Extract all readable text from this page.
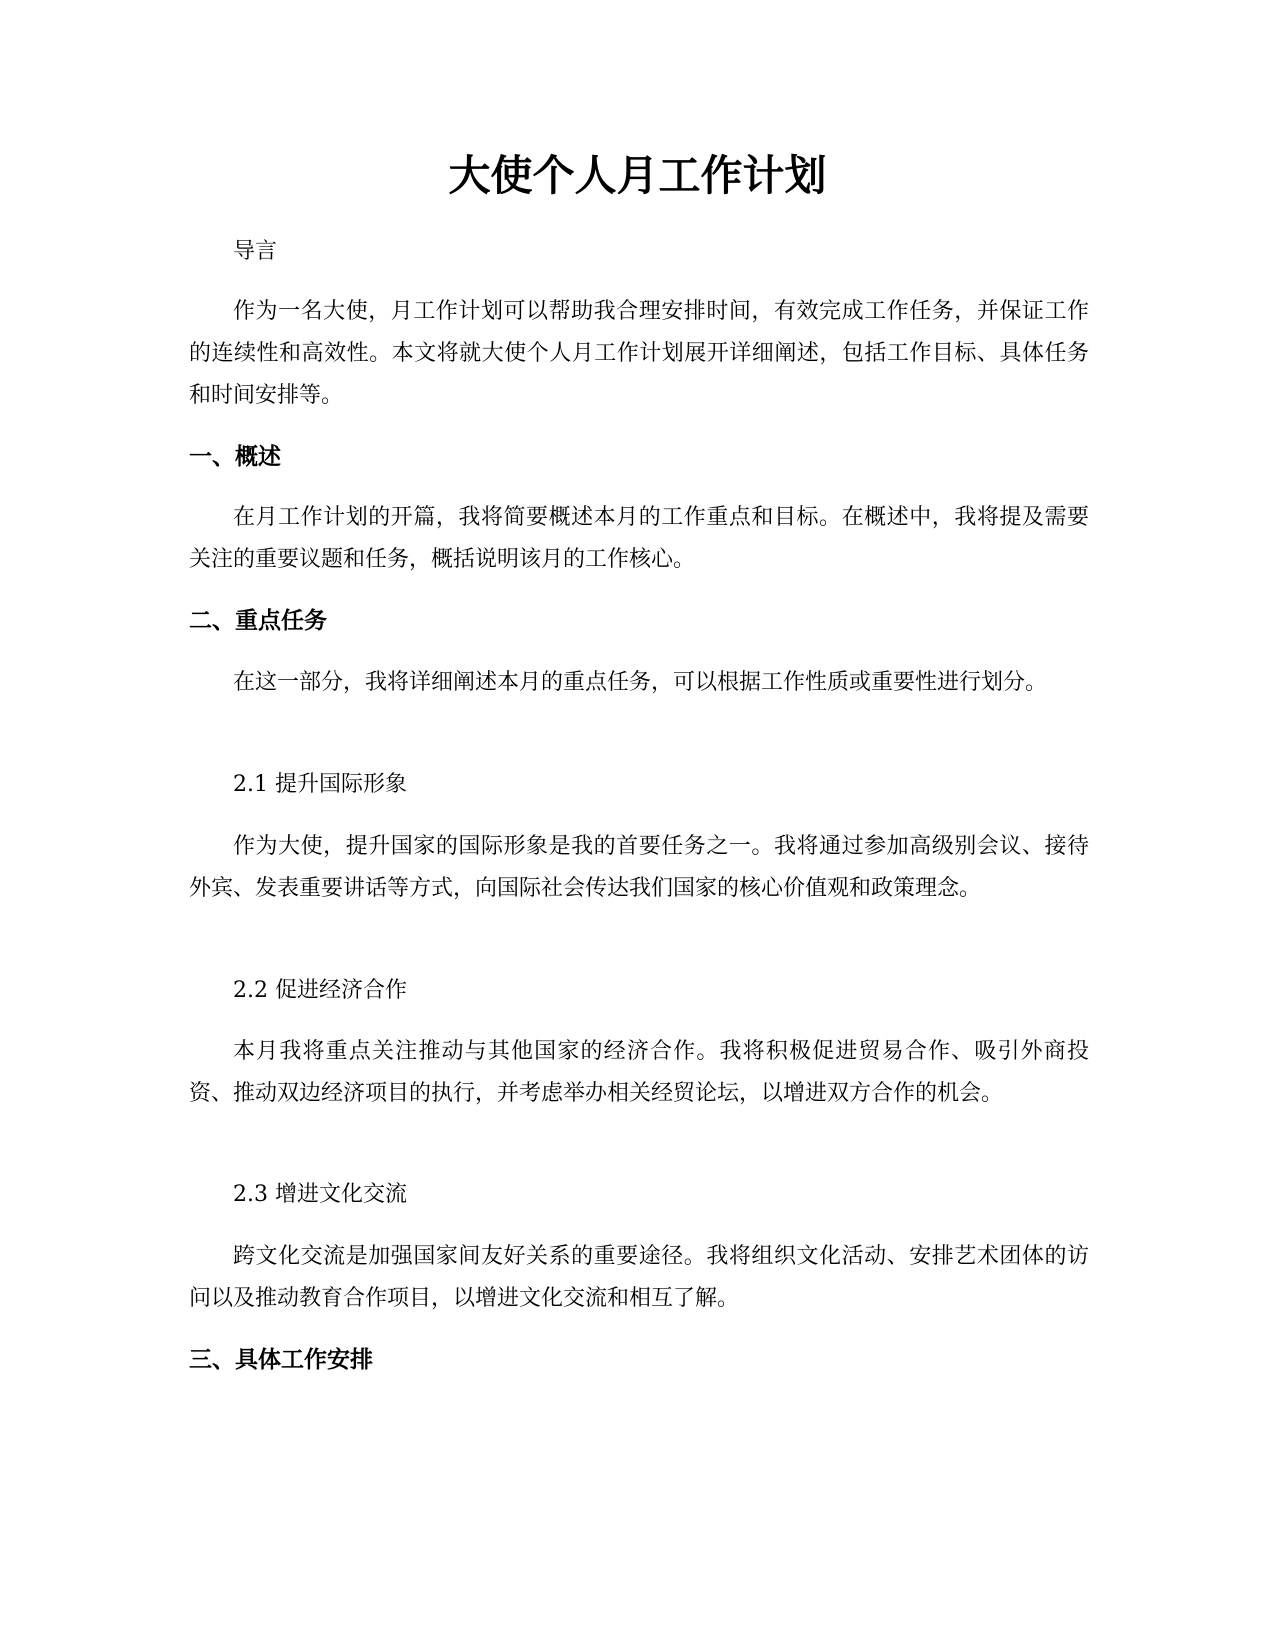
大使个人月工作计划

导言

作为一名大使，月工作计划可以帮助我合理安排时间，有效完成工作任务，并保证工作的连续性和高效性。本文将就大使个人月工作计划展开详细阐述，包括工作目标、具体任务和时间安排等。

一、概述

在月工作计划的开篇，我将简要概述本月的工作重点和目标。在概述中，我将提及需要关注的重要议题和任务，概括说明该月的工作核心。

二、重点任务

在这一部分，我将详细阐述本月的重点任务，可以根据工作性质或重要性进行划分。

2.1 提升国际形象

作为大使，提升国家的国际形象是我的首要任务之一。我将通过参加高级别会议、接待外宾、发表重要讲话等方式，向国际社会传达我们国家的核心价值观和政策理念。

2.2 促进经济合作

本月我将重点关注推动与其他国家的经济合作。我将积极促进贸易合作、吸引外商投资、推动双边经济项目的执行，并考虑举办相关经贸论坛，以增进双方合作的机会。

2.3 增进文化交流

跨文化交流是加强国家间友好关系的重要途径。我将组织文化活动、安排艺术团体的访问以及推动教育合作项目，以增进文化交流和相互了解。

三、具体工作安排
